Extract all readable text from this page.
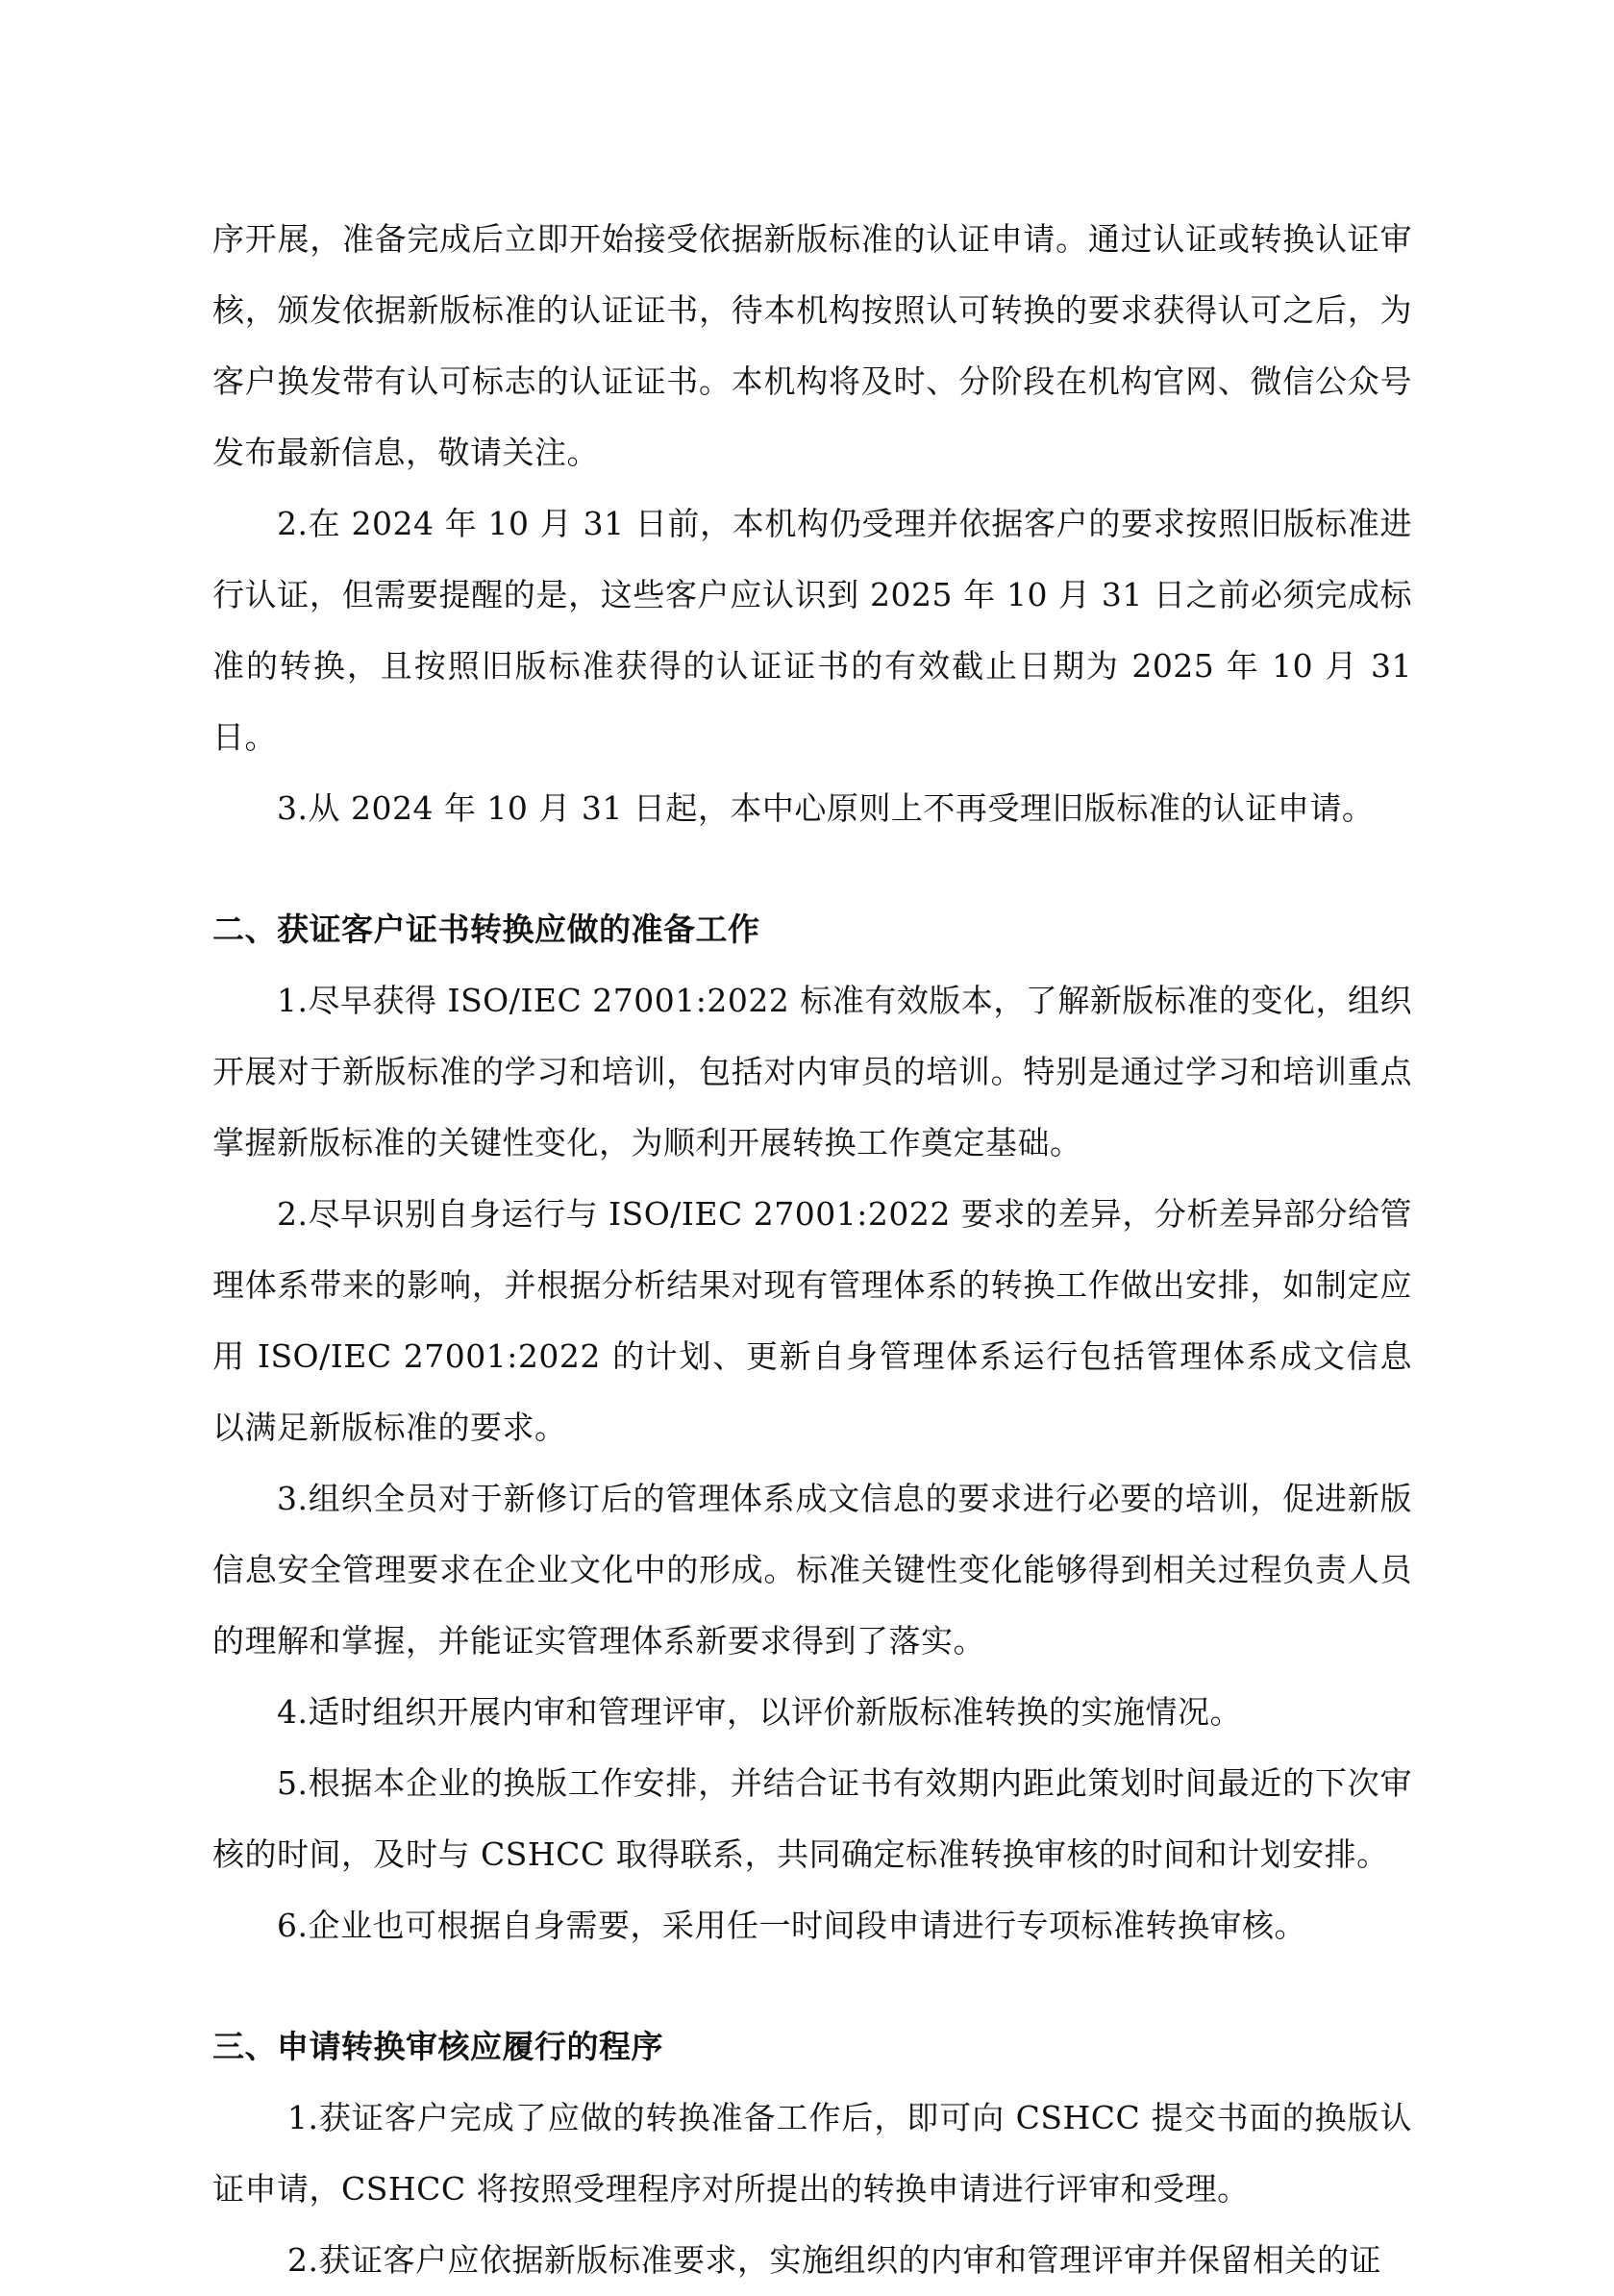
序开展，准备完成后立即开始接受依据新版标准的认证申请。通过认证或转换认证审核，颁发依据新版标准的认证证书，待本机构按照认可转换的要求获得认可之后，为客户换发带有认可标志的认证证书。本机构将及时、分阶段在机构官网、微信公众号发布最新信息，敬请关注。

2.在 2024 年 10 月 31 日前，本机构仍受理并依据客户的要求按照旧版标准进行认证，但需要提醒的是，这些客户应认识到 2025 年 10 月 31 日之前必须完成标准的转换，且按照旧版标准获得的认证证书的有效截止日期为 2025 年 10 月 31 日。

3.从 2024 年 10 月 31 日起，本中心原则上不再受理旧版标准的认证申请。

二、获证客户证书转换应做的准备工作

1.尽早获得 ISO/IEC 27001:2022 标准有效版本，了解新版标准的变化，组织开展对于新版标准的学习和培训，包括对内审员的培训。特别是通过学习和培训重点掌握新版标准的关键性变化，为顺利开展转换工作奠定基础。

2.尽早识别自身运行与 ISO/IEC 27001:2022 要求的差异，分析差异部分给管理体系带来的影响，并根据分析结果对现有管理体系的转换工作做出安排，如制定应用 ISO/IEC 27001:2022 的计划、更新自身管理体系运行包括管理体系成文信息以满足新版标准的要求。

3.组织全员对于新修订后的管理体系成文信息的要求进行必要的培训，促进新版信息安全管理要求在企业文化中的形成。标准关键性变化能够得到相关过程负责人员的理解和掌握，并能证实管理体系新要求得到了落实。

4.适时组织开展内审和管理评审，以评价新版标准转换的实施情况。

5.根据本企业的换版工作安排，并结合证书有效期内距此策划时间最近的下次审核的时间，及时与 CSHCC 取得联系，共同确定标准转换审核的时间和计划安排。

6.企业也可根据自身需要，采用任一时间段申请进行专项标准转换审核。

三、申请转换审核应履行的程序

1.获证客户完成了应做的转换准备工作后，即可向 CSHCC 提交书面的换版认证申请，CSHCC 将按照受理程序对所提出的转换申请进行评审和受理。

2.获证客户应依据新版标准要求，实施组织的内审和管理评审并保留相关的证
